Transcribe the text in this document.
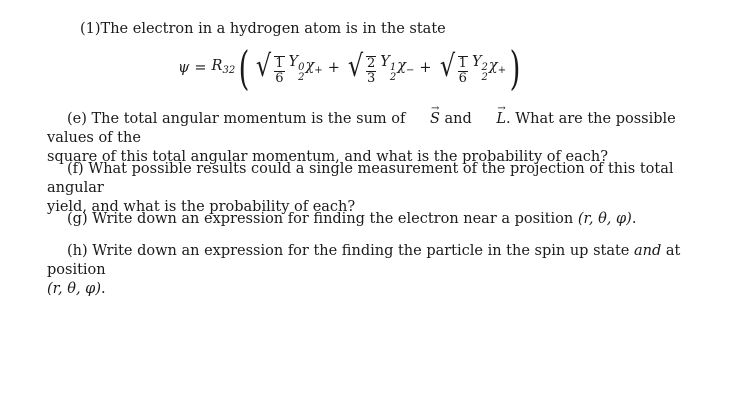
(1)The electron in a hydrogen atom is in the state

$\psi = R_{32}$ ( √ $\frac{1}{6}$ Y 0
2
$\chi_+$ + √ $\frac{2}{3}$ Y 1
2
$\chi_-$ + √ $\frac{1}{6}$ Y 2
2
$\chi_+$ )
(e) The total angular momentum is the sum of S → and L →. What are the possible values of the
square of this total angular momentum, and what is the probability of each?
(f) What possible results could a single measurement of the projection of this total angular
yield, and what is the probability of each?
(g) Write down an expression for finding the electron near a position (r, θ, φ).
(h) Write down an expression for the finding the particle in the spin up state and at position
(r, θ, φ).
